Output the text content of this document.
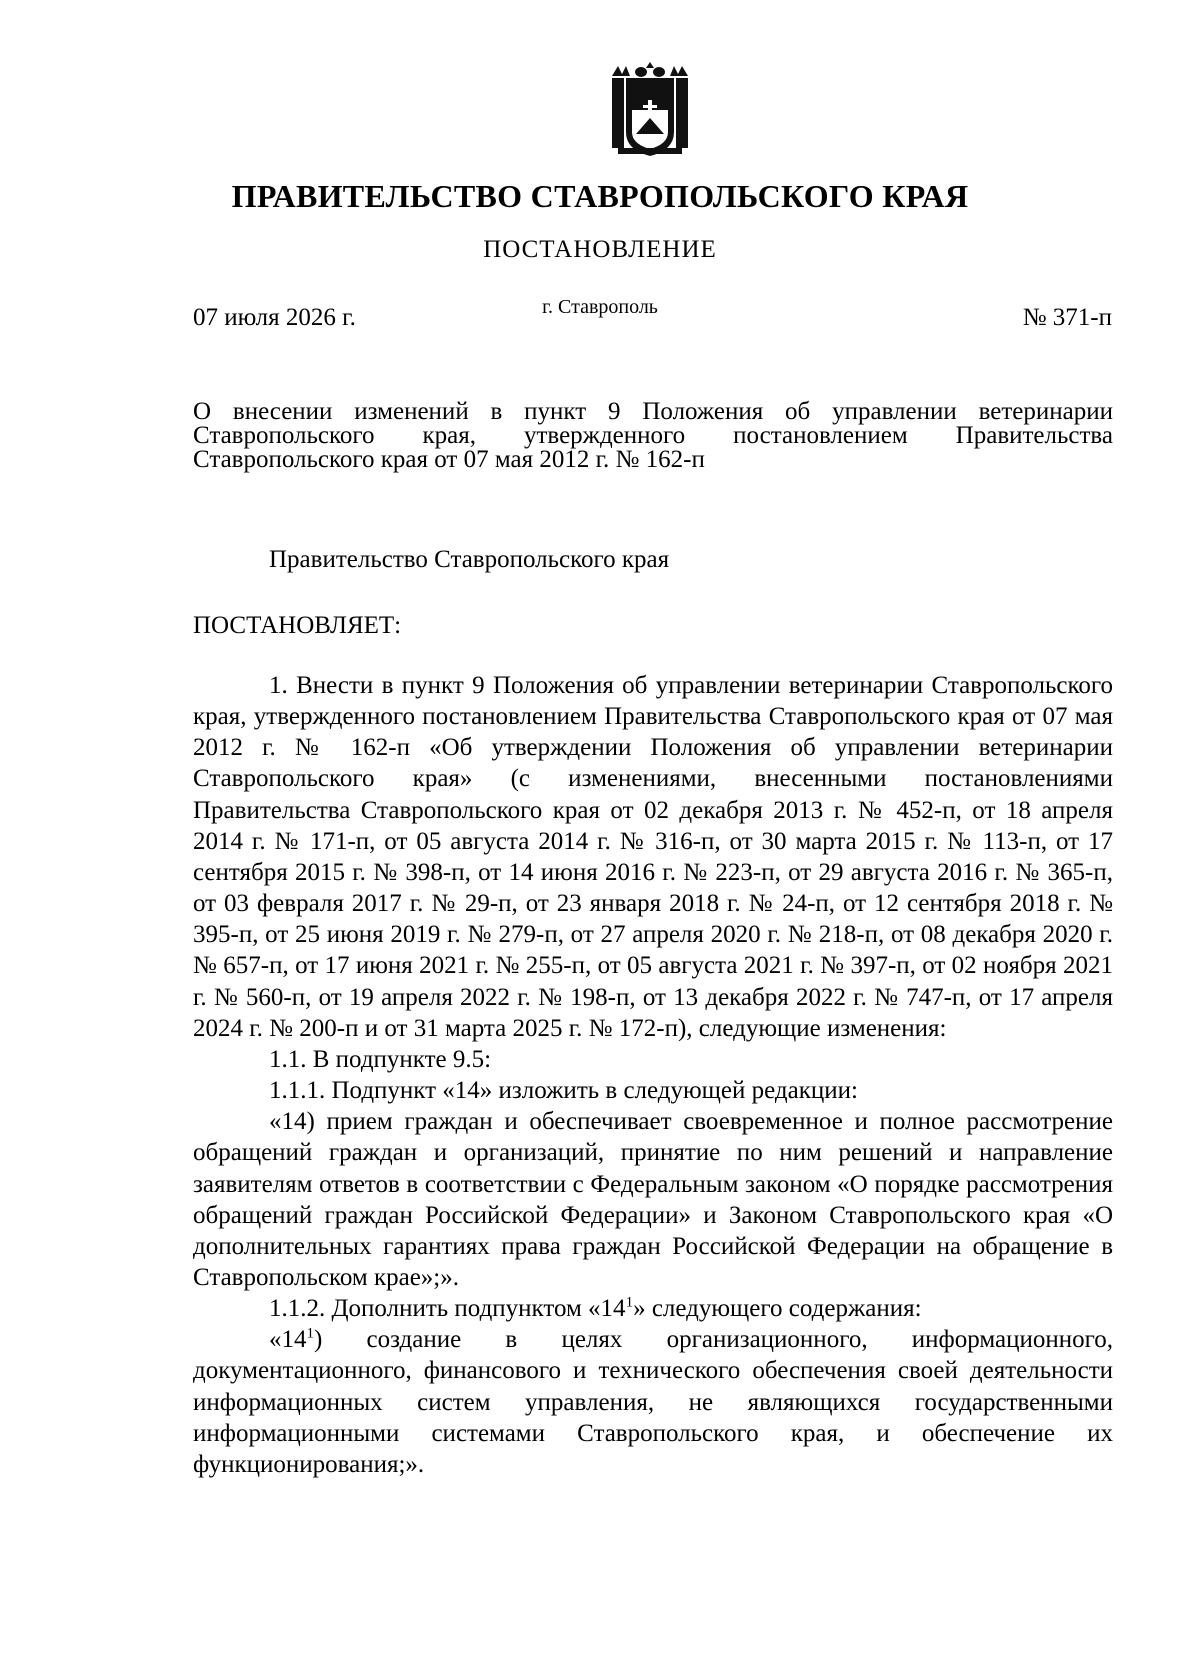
ПРАВИТЕЛЬСТВО СТАВРОПОЛЬСКОГО КРАЯ
ПОСТАНОВЛЕНИЕ
07 июля 2026 г.	г. Ставрополь	№ 371-п
О внесении изменений в пункт 9 Положения об управлении ветеринарии Ставропольского края, утвержденного постановлением Правительства Ставропольского края от 07 мая 2012 г. № 162-п
Правительство Ставропольского края
ПОСТАНОВЛЯЕТ:

1. Внести в пункт 9 Положения об управлении ветеринарии Ставропольского края, утвержденного постановлением Правительства Ставропольского края от 07 мая 2012 г. № 162-п «Об утверждении Положения об управлении ветеринарии Ставропольского края» (с изменениями, внесенными постановлениями Правительства Ставропольского края от 02 декабря 2013 г. № 452-п, от 18 апреля 2014 г. № 171-п, от 05 августа 2014 г. № 316-п, от 30 марта 2015 г. № 113-п, от 17 сентября 2015 г. № 398-п, от 14 июня 2016 г. № 223-п, от 29 августа 2016 г. № 365-п, от 03 февраля 2017 г. № 29-п, от 23 января 2018 г. № 24-п, от 12 сентября 2018 г. № 395-п, от 25 июня 2019 г. № 279-п, от 27 апреля 2020 г. № 218-п, от 08 декабря 2020 г. № 657-п, от 17 июня 2021 г. № 255-п, от 05 августа 2021 г. № 397-п, от 02 ноября 2021 г. № 560-п, от 19 апреля 2022 г. № 198-п, от 13 декабря 2022 г. № 747-п, от 17 апреля 2024 г. № 200-п и от 31 марта 2025 г. № 172-п), следующие изменения:

1.1. В подпункте 9.5:

1.1.1. Подпункт «14» изложить в следующей редакции:

«14) прием граждан и обеспечивает своевременное и полное рассмотрение обращений граждан и организаций, принятие по ним решений и направление заявителям ответов в соответствии с Федеральным законом «О порядке рассмотрения обращений граждан Российской Федерации» и Законом Ставропольского края «О дополнительных гарантиях права граждан Российской Федерации на обращение в Ставропольском крае»;».

1.1.2. Дополнить подпунктом «$14^1$» следующего содержания:

«$14^1$) создание в целях организационного, информационного, документационного, финансового и технического обеспечения своей деятельности информационных систем управления, не являющихся государственными информационными системами Ставропольского края, и обеспечение их функционирования;».
